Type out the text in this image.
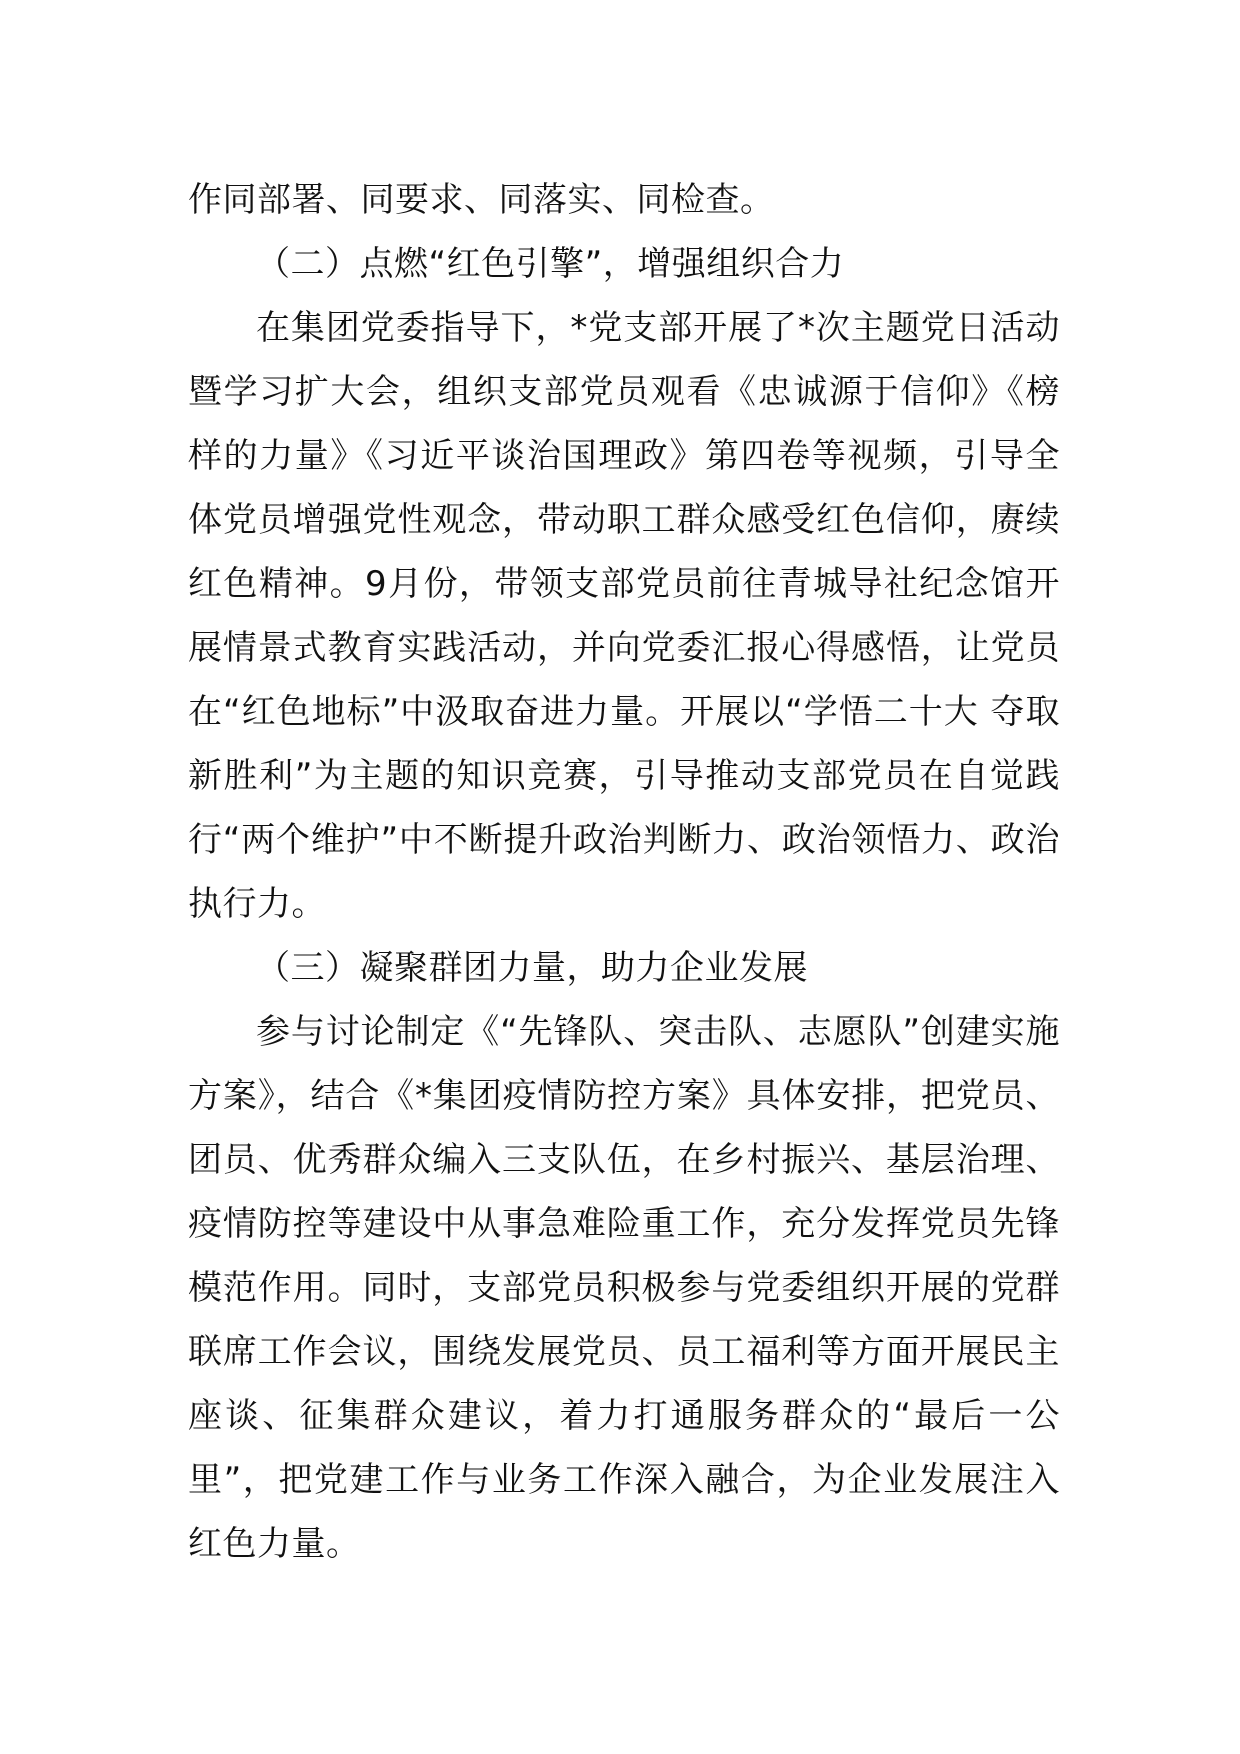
作同部署、同要求、同落实、同检查。

（二）点燃“红色引擎”，增强组织合力

在集团党委指导下，*党支部开展了*次主题党日活动暨学习扩大会，组织支部党员观看《忠诚源于信仰》《榜样的力量》《习近平谈治国理政》第四卷等视频，引导全体党员增强党性观念，带动职工群众感受红色信仰，赓续红色精神。9月份，带领支部党员前往青城导社纪念馆开展情景式教育实践活动，并向党委汇报心得感悟，让党员在“红色地标”中汲取奋进力量。开展以“学悟二十大 夺取新胜利”为主题的知识竞赛，引导推动支部党员在自觉践行“两个维护”中不断提升政治判断力、政治领悟力、政治执行力。

（三）凝聚群团力量，助力企业发展

参与讨论制定《“先锋队、突击队、志愿队”创建实施方案》，结合《*集团疫情防控方案》具体安排，把党员、团员、优秀群众编入三支队伍，在乡村振兴、基层治理、疫情防控等建设中从事急难险重工作，充分发挥党员先锋模范作用。同时，支部党员积极参与党委组织开展的党群联席工作会议，围绕发展党员、员工福利等方面开展民主座谈、征集群众建议，着力打通服务群众的“最后一公里”，把党建工作与业务工作深入融合，为企业发展注入红色力量。
